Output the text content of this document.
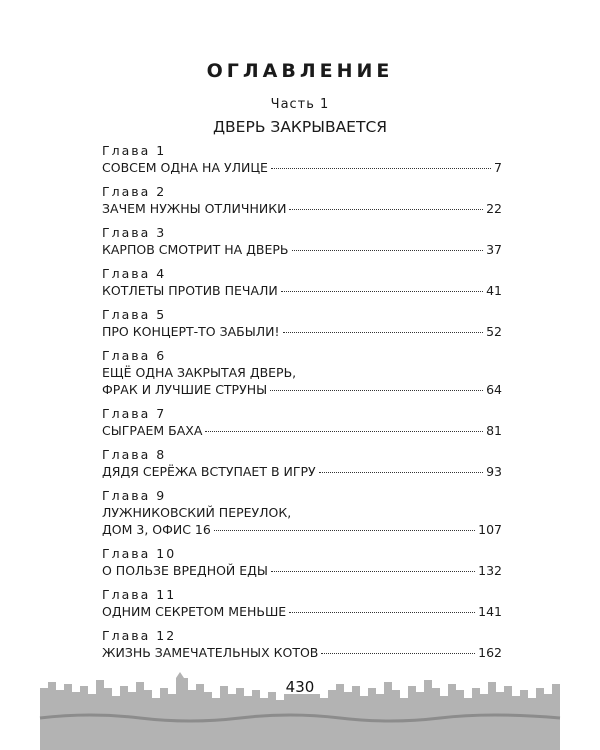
ОГЛАВЛЕНИЕ
Часть 1
ДВЕРЬ ЗАКРЫВАЕТСЯ
Глава 1
СОВСЕМ ОДНА НА УЛИЦЕ	7
Глава 2
ЗАЧЕМ НУЖНЫ ОТЛИЧНИКИ	22
Глава 3
КАРПОВ СМОТРИТ НА ДВЕРЬ	37
Глава 4
КОТЛЕТЫ ПРОТИВ ПЕЧАЛИ	41
Глава 5
ПРО КОНЦЕРТ-ТО ЗАБЫЛИ!	52
Глава 6
ЕЩЁ ОДНА ЗАКРЫТАЯ ДВЕРЬ,
ФРАК И ЛУЧШИЕ СТРУНЫ	64
Глава 7
СЫГРАЕМ БАХА	81
Глава 8
ДЯДЯ СЕРЁЖА ВСТУПАЕТ В ИГРУ	93
Глава 9
ЛУЖНИКОВСКИЙ ПЕРЕУЛОК,
ДОМ 3, ОФИС 16	107
Глава 10
О ПОЛЬЗЕ ВРЕДНОЙ ЕДЫ	132
Глава 11
ОДНИМ СЕКРЕТОМ МЕНЬШЕ	141
Глава 12
ЖИЗНЬ ЗАМЕЧАТЕЛЬНЫХ КОТОВ	162
430
